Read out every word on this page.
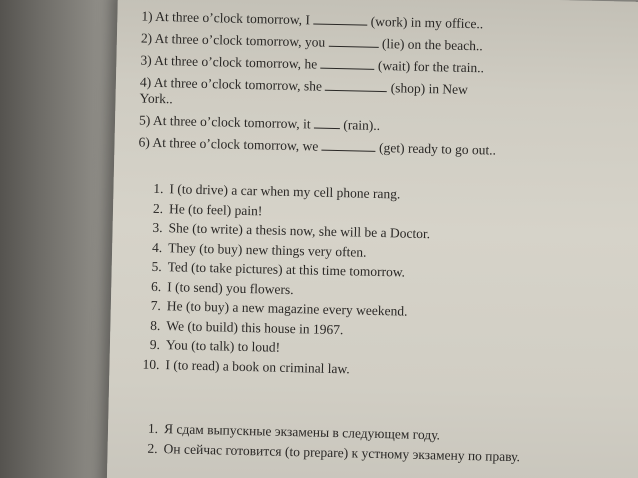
1) At three o’clock tomorrow, I	(work) in my office..
2) At three o’clock tomorrow, you	(lie) on the beach..
3) At three o’clock tomorrow, he	(wait) for the train..
4) At three o’clock tomorrow, she	(shop) in New
York..
5) At three o’clock tomorrow, it  (rain)..
6) At three o’clock tomorrow, we	(get) ready to go out..
1. I (to drive) a car when my cell phone rang.
2. He (to feel) pain!
3. She (to write) a thesis now, she will be a Doctor.
4. They (to buy) new things very often.
5. Ted (to take pictures) at this time tomorrow.
6. I (to send) you flowers.
7. He (to buy) a new magazine every weekend.
8. We (to build) this house in 1967.
9. You (to talk) to loud!
10. I (to read) a book on criminal law.
1. Я сдам выпускные экзамены в следующем году.
2. Он сейчас готовится (to prepare) к устному экзамену по праву.
